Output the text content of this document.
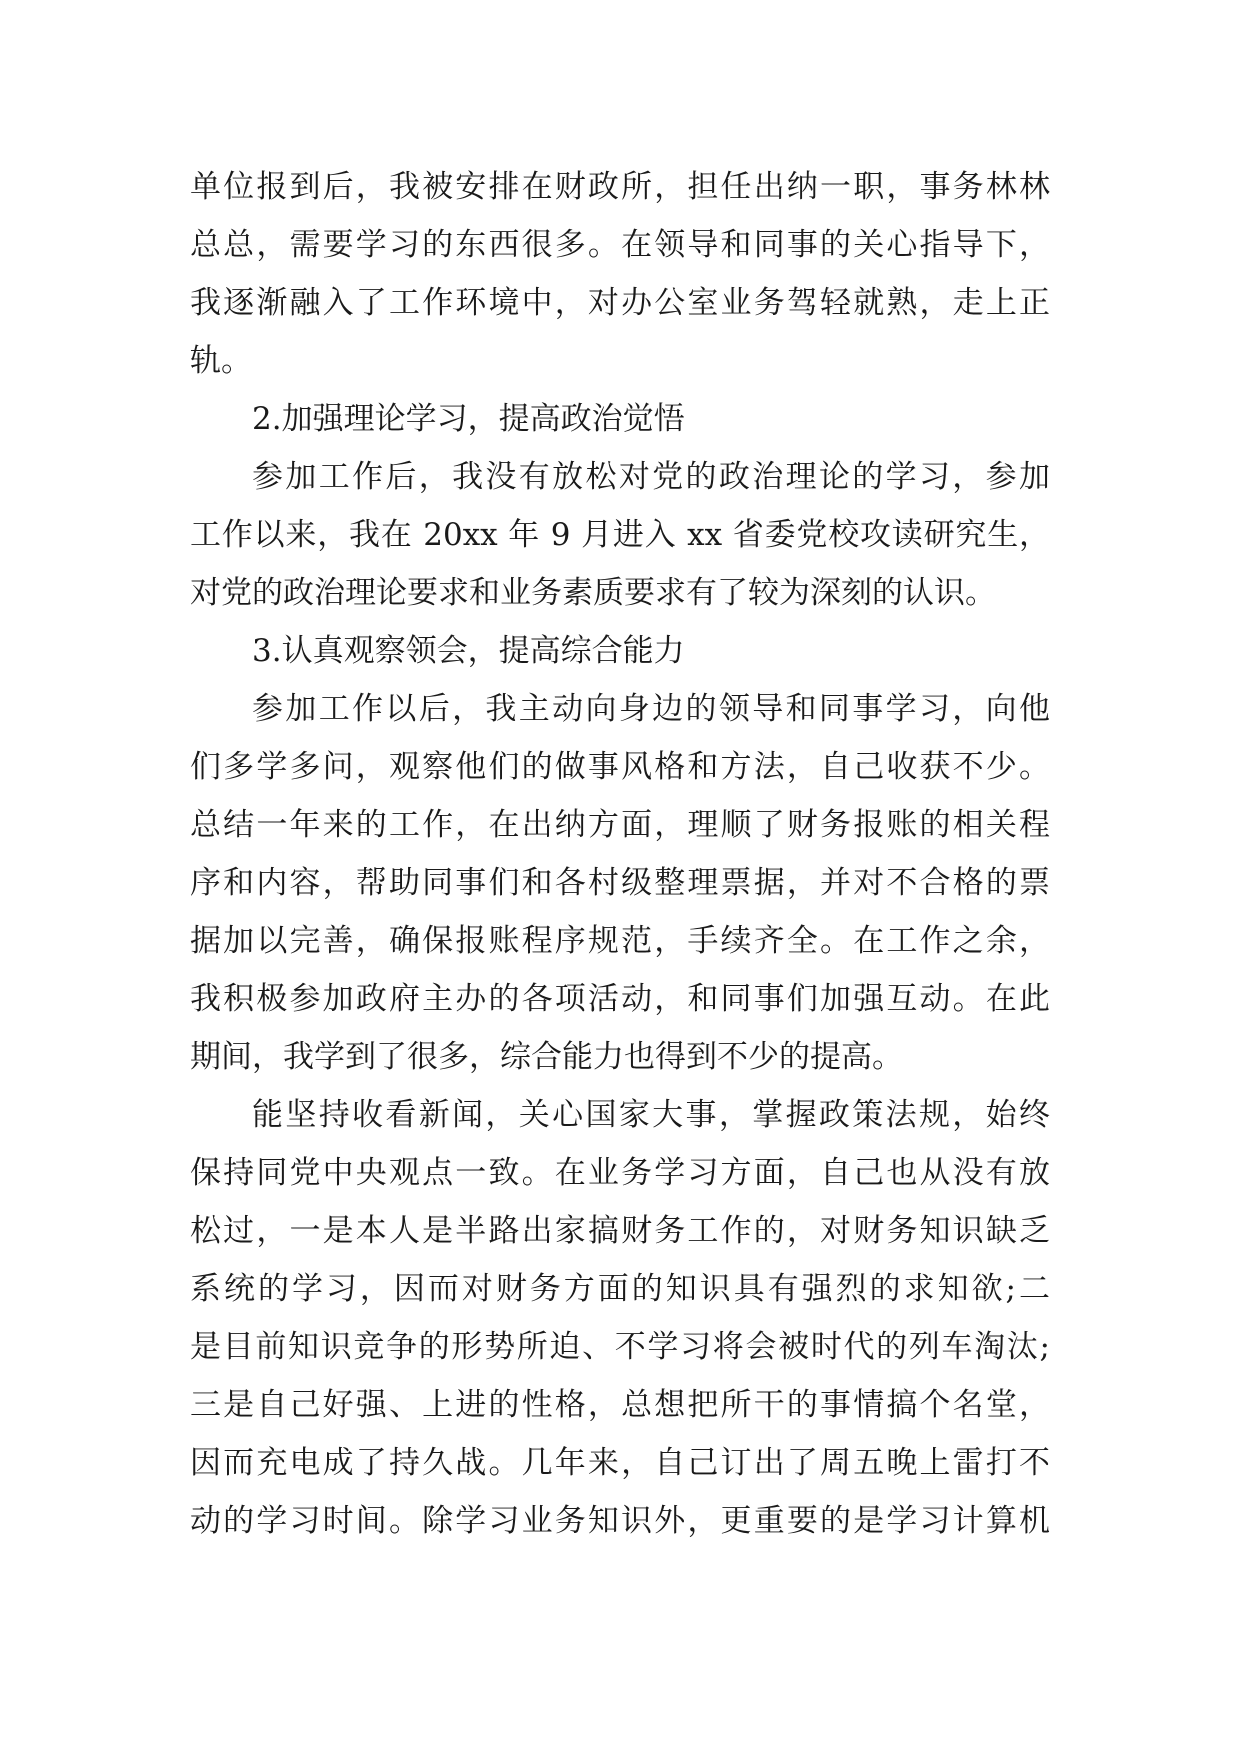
单位报到后，我被安排在财政所，担任出纳一职，事务林林
总总，需要学习的东西很多。在领导和同事的关心指导下，
我逐渐融入了工作环境中，对办公室业务驾轻就熟，走上正
轨。
2.加强理论学习，提高政治觉悟
参加工作后，我没有放松对党的政治理论的学习，参加
工作以来，我在 20xx 年 9 月进入 xx 省委党校攻读研究生，
对党的政治理论要求和业务素质要求有了较为深刻的认识。
3.认真观察领会，提高综合能力
参加工作以后，我主动向身边的领导和同事学习，向他
们多学多问，观察他们的做事风格和方法，自己收获不少。
总结一年来的工作，在出纳方面，理顺了财务报账的相关程
序和内容，帮助同事们和各村级整理票据，并对不合格的票
据加以完善，确保报账程序规范，手续齐全。在工作之余，
我积极参加政府主办的各项活动，和同事们加强互动。在此
期间，我学到了很多，综合能力也得到不少的提高。
能坚持收看新闻，关心国家大事，掌握政策法规，始终
保持同党中央观点一致。在业务学习方面，自己也从没有放
松过，一是本人是半路出家搞财务工作的，对财务知识缺乏
系统的学习，因而对财务方面的知识具有强烈的求知欲;二
是目前知识竞争的形势所迫、不学习将会被时代的列车淘汰;
三是自己好强、上进的性格，总想把所干的事情搞个名堂，
因而充电成了持久战。几年来，自己订出了周五晚上雷打不
动的学习时间。除学习业务知识外，更重要的是学习计算机
